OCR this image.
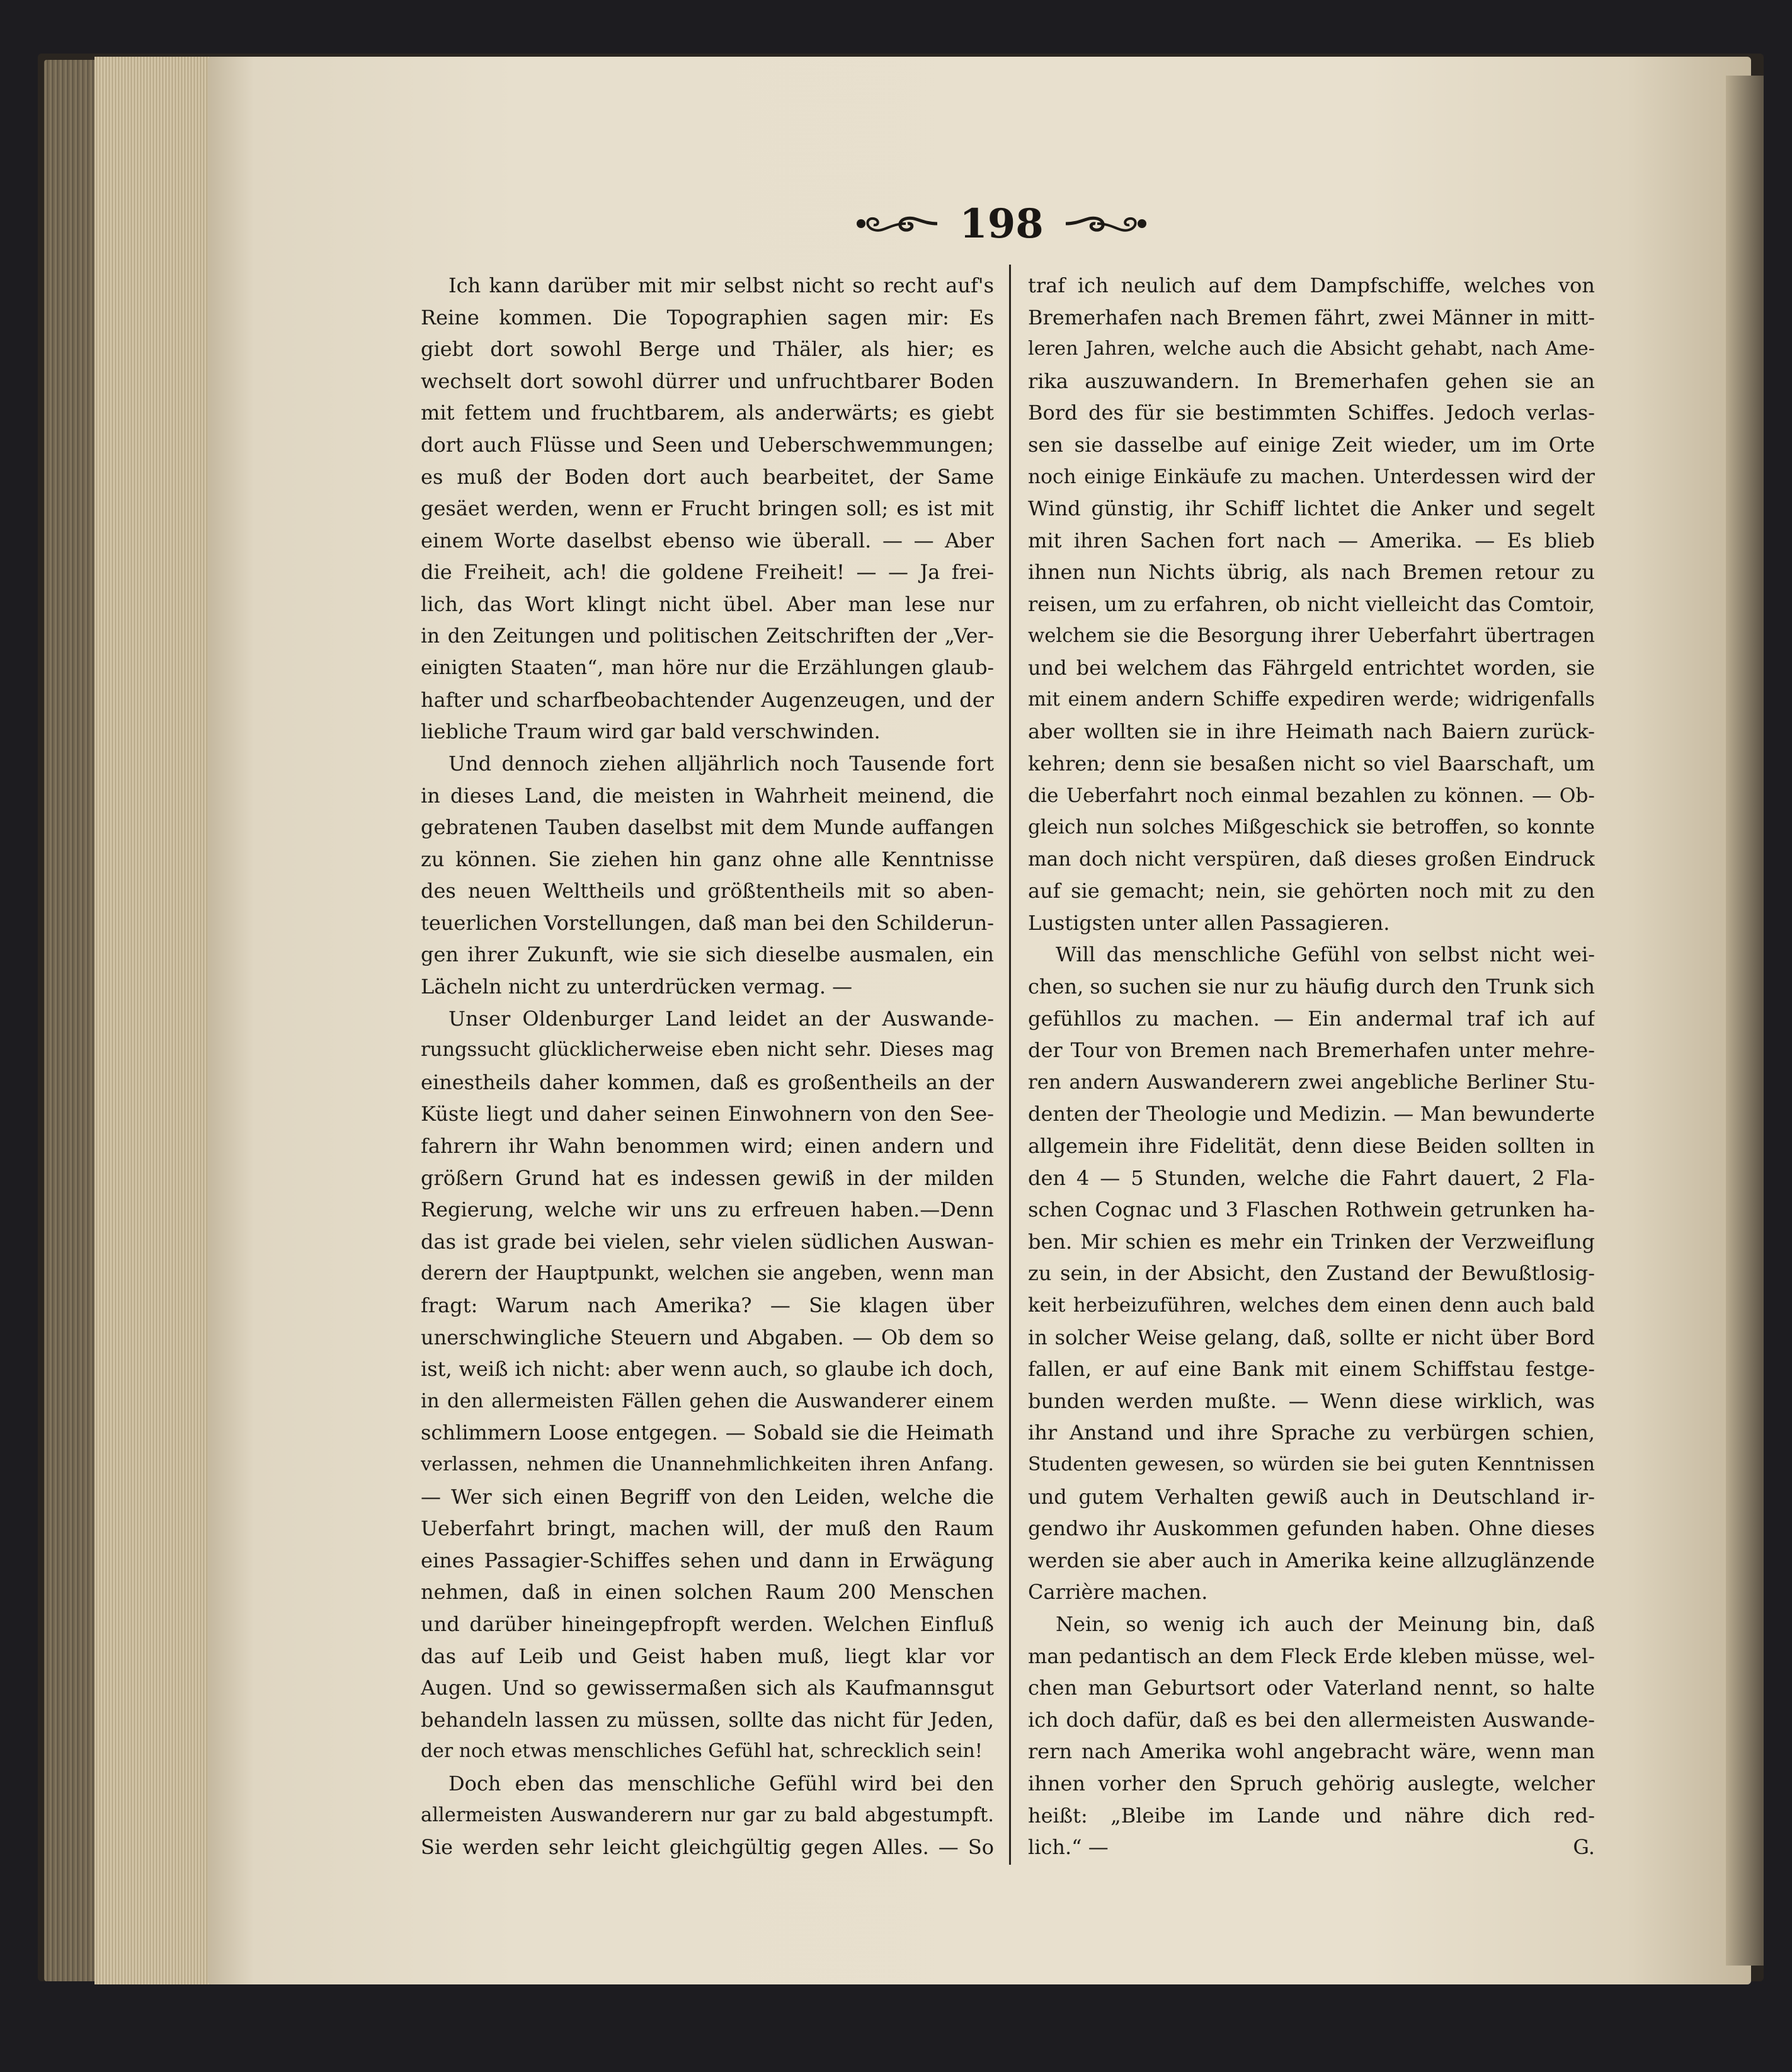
198

Ich kann darüber mit mir selbst nicht so recht auf's

Reine kommen. Die Topographien sagen mir: Es

giebt dort sowohl Berge und Thäler, als hier; es

wechselt dort sowohl dürrer und unfruchtbarer Boden

mit fettem und fruchtbarem, als anderwärts; es giebt

dort auch Flüsse und Seen und Ueberschwemmungen;

es muß der Boden dort auch bearbeitet, der Same

gesäet werden, wenn er Frucht bringen soll; es ist mit

einem Worte daselbst ebenso wie überall. — — Aber

die Freiheit, ach! die goldene Freiheit! — — Ja frei-

lich, das Wort klingt nicht übel. Aber man lese nur

in den Zeitungen und politischen Zeitschriften der „Ver-

einigten Staaten“, man höre nur die Erzählungen glaub-

hafter und scharfbeobachtender Augenzeugen, und der

liebliche Traum wird gar bald verschwinden.

Und dennoch ziehen alljährlich noch Tausende fort

in dieses Land, die meisten in Wahrheit meinend, die

gebratenen Tauben daselbst mit dem Munde auffangen

zu können. Sie ziehen hin ganz ohne alle Kenntnisse

des neuen Welttheils und größtentheils mit so aben-

teuerlichen Vorstellungen, daß man bei den Schilderun-

gen ihrer Zukunft, wie sie sich dieselbe ausmalen, ein

Lächeln nicht zu unterdrücken vermag. —

Unser Oldenburger Land leidet an der Auswande-

rungssucht glücklicherweise eben nicht sehr. Dieses mag

einestheils daher kommen, daß es großentheils an der

Küste liegt und daher seinen Einwohnern von den See-

fahrern ihr Wahn benommen wird; einen andern und

größern Grund hat es indessen gewiß in der milden

Regierung, welche wir uns zu erfreuen haben.—Denn

das ist grade bei vielen, sehr vielen südlichen Auswan-

derern der Hauptpunkt, welchen sie angeben, wenn man

fragt: Warum nach Amerika? — Sie klagen über

unerschwingliche Steuern und Abgaben. — Ob dem so

ist, weiß ich nicht: aber wenn auch, so glaube ich doch,

in den allermeisten Fällen gehen die Auswanderer einem

schlimmern Loose entgegen. — Sobald sie die Heimath

verlassen, nehmen die Unannehmlichkeiten ihren Anfang.

— Wer sich einen Begriff von den Leiden, welche die

Ueberfahrt bringt, machen will, der muß den Raum

eines Passagier-Schiffes sehen und dann in Erwägung

nehmen, daß in einen solchen Raum 200 Menschen

und darüber hineingepfropft werden. Welchen Einfluß

das auf Leib und Geist haben muß, liegt klar vor

Augen. Und so gewissermaßen sich als Kaufmannsgut

behandeln lassen zu müssen, sollte das nicht für Jeden,

der noch etwas menschliches Gefühl hat, schrecklich sein!

Doch eben das menschliche Gefühl wird bei den

allermeisten Auswanderern nur gar zu bald abgestumpft.

Sie werden sehr leicht gleichgültig gegen Alles. — So

traf ich neulich auf dem Dampfschiffe, welches von

Bremerhafen nach Bremen fährt, zwei Männer in mitt-

leren Jahren, welche auch die Absicht gehabt, nach Ame-

rika auszuwandern. In Bremerhafen gehen sie an

Bord des für sie bestimmten Schiffes. Jedoch verlas-

sen sie dasselbe auf einige Zeit wieder, um im Orte

noch einige Einkäufe zu machen. Unterdessen wird der

Wind günstig, ihr Schiff lichtet die Anker und segelt

mit ihren Sachen fort nach — Amerika. — Es blieb

ihnen nun Nichts übrig, als nach Bremen retour zu

reisen, um zu erfahren, ob nicht vielleicht das Comtoir,

welchem sie die Besorgung ihrer Ueberfahrt übertragen

und bei welchem das Fährgeld entrichtet worden, sie

mit einem andern Schiffe expediren werde; widrigenfalls

aber wollten sie in ihre Heimath nach Baiern zurück-

kehren; denn sie besaßen nicht so viel Baarschaft, um

die Ueberfahrt noch einmal bezahlen zu können. — Ob-

gleich nun solches Mißgeschick sie betroffen, so konnte

man doch nicht verspüren, daß dieses großen Eindruck

auf sie gemacht; nein, sie gehörten noch mit zu den

Lustigsten unter allen Passagieren.

Will das menschliche Gefühl von selbst nicht wei-

chen, so suchen sie nur zu häufig durch den Trunk sich

gefühllos zu machen. — Ein andermal traf ich auf

der Tour von Bremen nach Bremerhafen unter mehre-

ren andern Auswanderern zwei angebliche Berliner Stu-

denten der Theologie und Medizin. — Man bewunderte

allgemein ihre Fidelität, denn diese Beiden sollten in

den 4 — 5 Stunden, welche die Fahrt dauert, 2 Fla-

schen Cognac und 3 Flaschen Rothwein getrunken ha-

ben. Mir schien es mehr ein Trinken der Verzweiflung

zu sein, in der Absicht, den Zustand der Bewußtlosig-

keit herbeizuführen, welches dem einen denn auch bald

in solcher Weise gelang, daß, sollte er nicht über Bord

fallen, er auf eine Bank mit einem Schiffstau festge-

bunden werden mußte. — Wenn diese wirklich, was

ihr Anstand und ihre Sprache zu verbürgen schien,

Studenten gewesen, so würden sie bei guten Kenntnissen

und gutem Verhalten gewiß auch in Deutschland ir-

gendwo ihr Auskommen gefunden haben. Ohne dieses

werden sie aber auch in Amerika keine allzuglänzende

Carrière machen.

Nein, so wenig ich auch der Meinung bin, daß

man pedantisch an dem Fleck Erde kleben müsse, wel-

chen man Geburtsort oder Vaterland nennt, so halte

ich doch dafür, daß es bei den allermeisten Auswande-

rern nach Amerika wohl angebracht wäre, wenn man

ihnen vorher den Spruch gehörig auslegte, welcher

heißt: „Bleibe im Lande und nähre dich red-

lich.“ —	G.
